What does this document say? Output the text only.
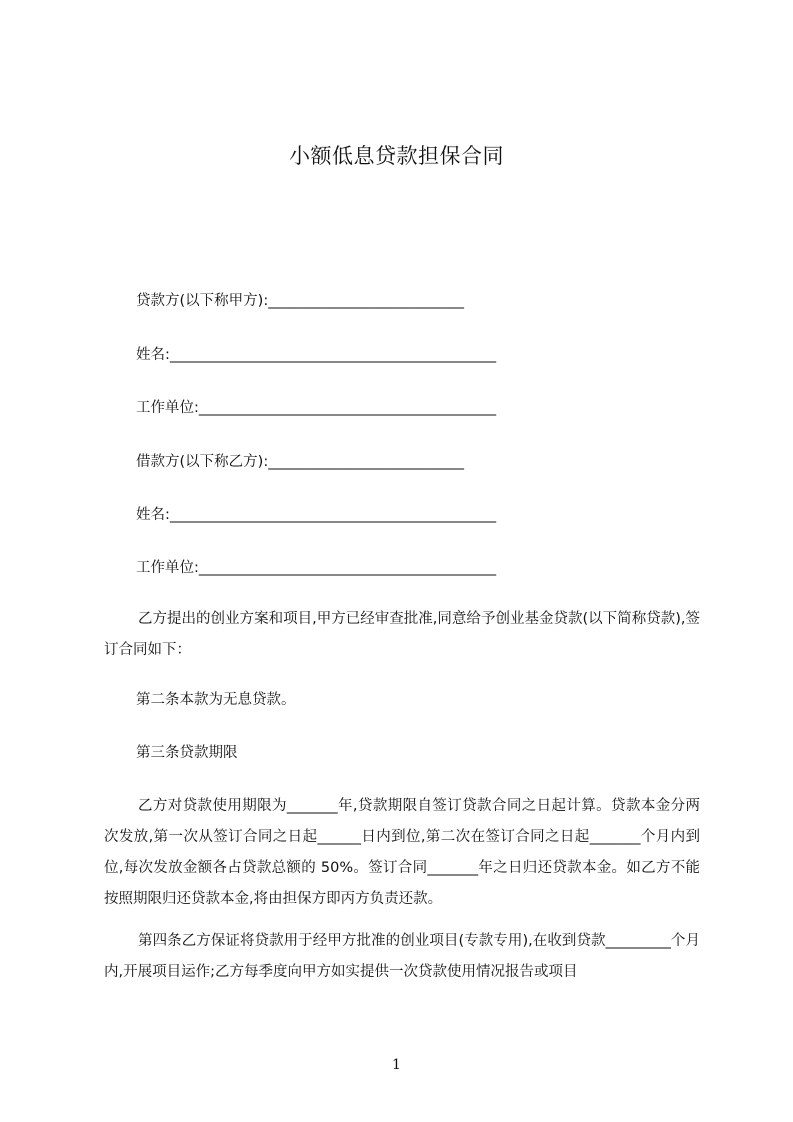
小额低息贷款担保合同
贷款方(以下称甲方):___________________________
姓名:_____________________________________________
工作单位:_________________________________________
借款方(以下称乙方):___________________________
姓名:_____________________________________________
工作单位:_________________________________________
乙方提出的创业方案和项目,甲方已经审查批准,同意给予创业基金贷款(以下简称贷款),签订合同如下：
第二条本款为无息贷款。
第三条贷款期限
乙方对贷款使用期限为_______年,贷款期限自签订贷款合同之日起计算。贷款本金分两次发放,第一次从签订合同之日起______日内到位,第二次在签订合同之日起_______个月内到位,每次发放金额各占贷款总额的 50%。签订合同_______年之日归还贷款本金。如乙方不能按照期限归还贷款本金,将由担保方即丙方负责还款。
第四条乙方保证将贷款用于经甲方批准的创业项目(专款专用),在收到贷款_________个月内,开展项目运作;乙方每季度向甲方如实提供一次贷款使用情况报告或项目
1
